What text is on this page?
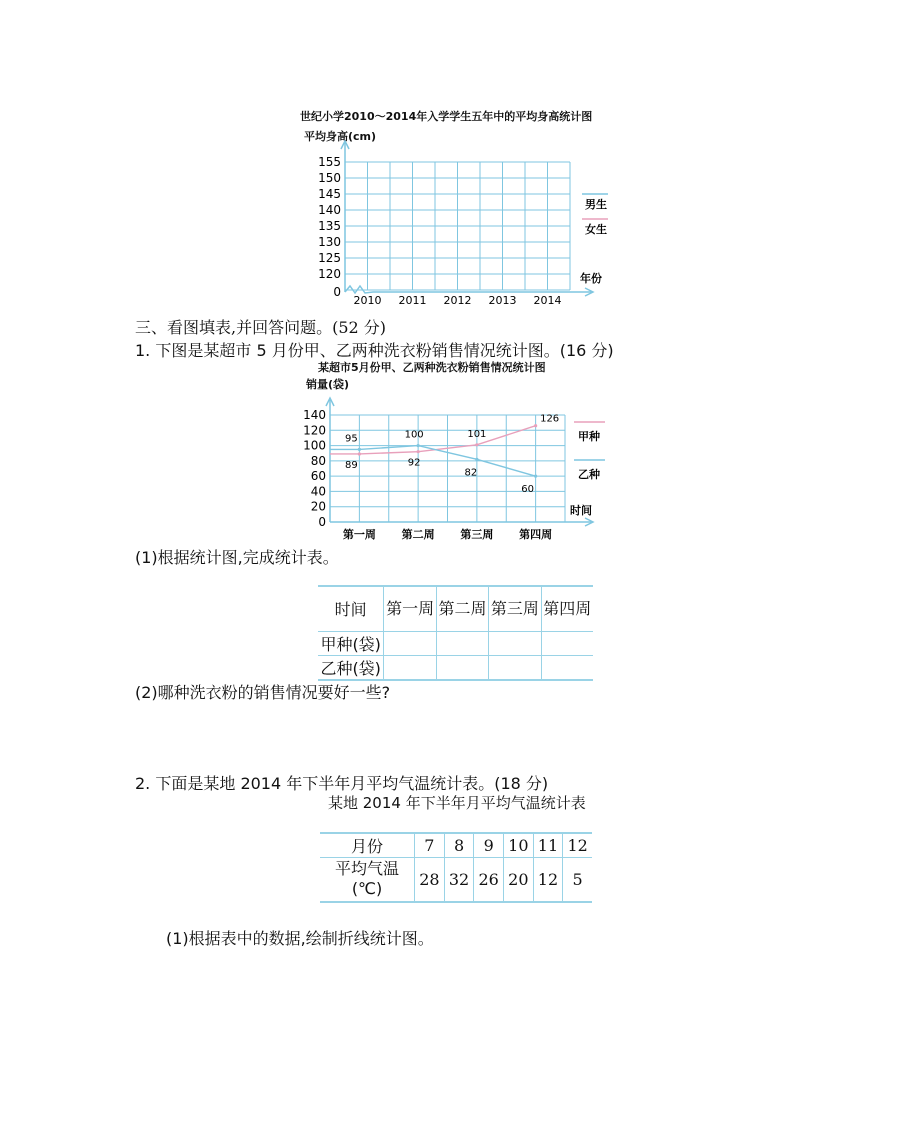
世纪小学2010～2014年入学学生五年中的平均身高统计图
平均身高(cm)
155
150
145
140
135
130
125
120
0
2010 2011 2012 2013 2014
男生
女生
年份
三、看图填表,并回答问题。(52 分)
1. 下图是某超市 5 月份甲、乙两种洗衣粉销售情况统计图。(16 分)
某超市5月份甲、乙两种洗衣粉销售情况统计图
销量(袋)
0
20
40
60
80
100
120
140
第一周 第二周 第三周 第四周
89	92
101
126
95	100
82
60
甲种
乙种
时间
(1)根据统计图,完成统计表。
时间	第一周	第二周	第三周	第四周
甲种(袋)				
乙种(袋)				
(2)哪种洗衣粉的销售情况要好一些?
2. 下面是某地 2014 年下半年月平均气温统计表。(18 分)
某地 2014 年下半年月平均气温统计表
月份	7	8	9	10	11	12
平均气温
(℃)	28	32	26	20	12	5
(1)根据表中的数据,绘制折线统计图。
